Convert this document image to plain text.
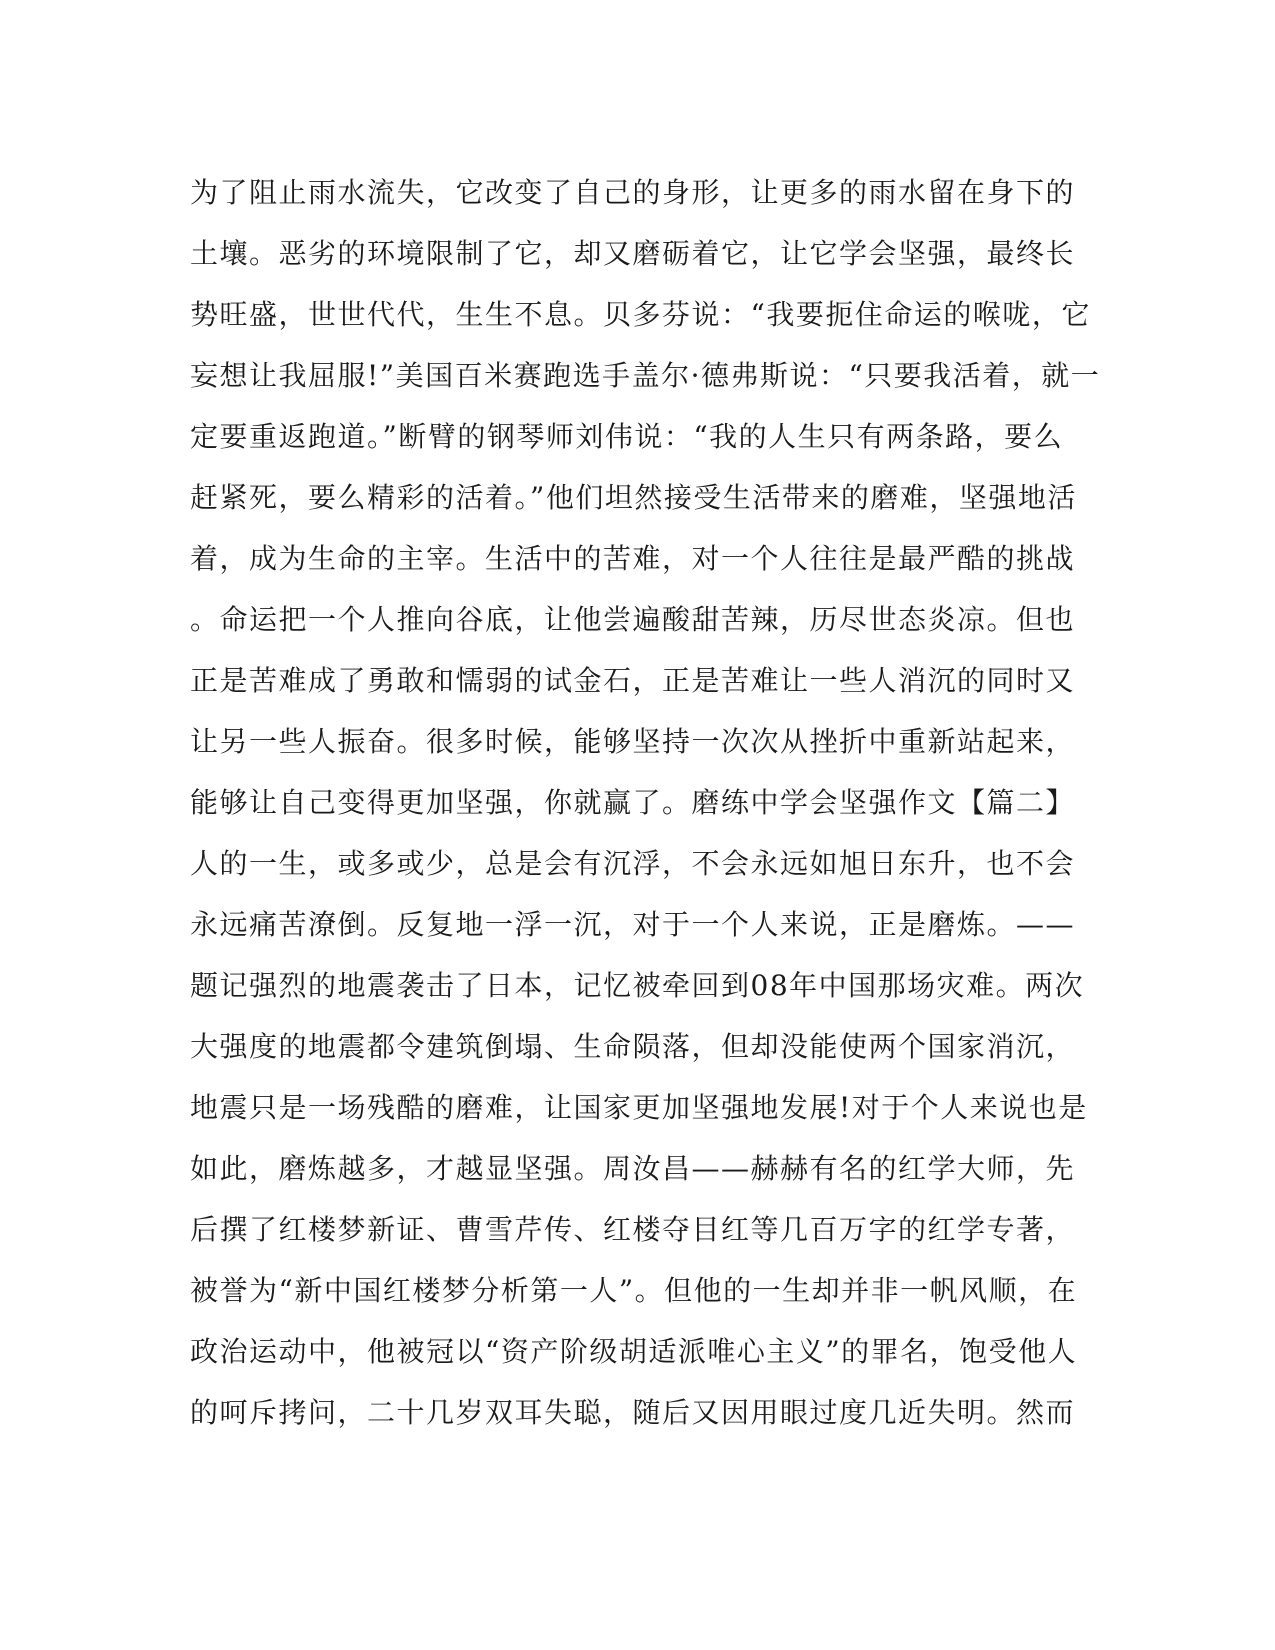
为了阻止雨水流失，它改变了自己的身形，让更多的雨水留在身下的
土壤。恶劣的环境限制了它，却又磨砺着它，让它学会坚强，最终长
势旺盛，世世代代，生生不息。贝多芬说：“我要扼住命运的喉咙，它
妄想让我屈服!”美国百米赛跑选手盖尔·德弗斯说：“只要我活着，就一
定要重返跑道。”断臂的钢琴师刘伟说：“我的人生只有两条路，要么
赶紧死，要么精彩的活着。”他们坦然接受生活带来的磨难，坚强地活
着，成为生命的主宰。生活中的苦难，对一个人往往是最严酷的挑战
。命运把一个人推向谷底，让他尝遍酸甜苦辣，历尽世态炎凉。但也
正是苦难成了勇敢和懦弱的试金石，正是苦难让一些人消沉的同时又
让另一些人振奋。很多时候，能够坚持一次次从挫折中重新站起来，
能够让自己变得更加坚强，你就赢了。磨练中学会坚强作文【篇二】
人的一生，或多或少，总是会有沉浮，不会永远如旭日东升，也不会
永远痛苦潦倒。反复地一浮一沉，对于一个人来说，正是磨炼。——
题记强烈的地震袭击了日本，记忆被牵回到08年中国那场灾难。两次
大强度的地震都令建筑倒塌、生命陨落，但却没能使两个国家消沉，
地震只是一场残酷的磨难，让国家更加坚强地发展!对于个人来说也是
如此，磨炼越多，才越显坚强。周汝昌——赫赫有名的红学大师，先
后撰了红楼梦新证、曹雪芹传、红楼夺目红等几百万字的红学专著，
被誉为“新中国红楼梦分析第一人”。但他的一生却并非一帆风顺，在
政治运动中，他被冠以“资产阶级胡适派唯心主义”的罪名，饱受他人
的呵斥拷问，二十几岁双耳失聪，随后又因用眼过度几近失明。然而
